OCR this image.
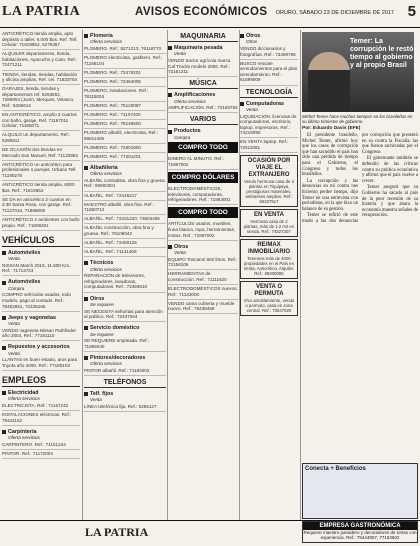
LA PATRIA	AVISOS ECONÓMICOS ORURO, SÁBADO 23 DE DICIEMBRE DE 2017 5
ANTICRÉTICO tienda amplia, apto depósito o taller, 6,000 $us. Ref. Telf. Celular: 71819852, 5276457
ALQUILER departamento, tienda, habitaciones, Ayacucho y Caro, Ref.: 72471211
TIENDA, tiendas, tiendas, habitación y oficina amplias, Ref. cel. 71833754
GARAJES, tienda, tiendas y departamentos ref. 5263552, 7266904 (Junín, Merques, Velasco, Ref.: 5265614
EN ANTICRÉTICO, amplio 3 cuartos con baño, garaje, Ref. 71167011 Celular: 71165071
ALQUILO un departamento, Ref.: 5280911
DE OCASIÓN dos tiendas en Mercado San Manuel, Ref. 71133982
ANTICRÉTICO un anticrético para profesionales o parejas. Urbano Telf. 71190276
ANTICRÉTICO tienda amplia, 6000 $us. Ref.: 71819852
SE DA en anticrético 2 cuartos en 3.30 Santa Rosa, con garaje. Ref.: 71127010, 71868808
ANTICRÉTICO 2 ambientes con baño propio. Ref.: 71808401
VEHÍCULOS
Automóviles
Venta
NISSAN March 2015, 11.500 Km. Ref.: 71713723
Automóviles
Compra
COMPRO vehículos usados, todo modelo, pago al contado. Ref.: 78462951, 72435166
Jeeps y vagonetas
Venta
VENDO vagoneta Nissan Pathfinder año 2004, Ref.: 77181110
Repuestos y accesorios
Venta
LLANTAS en buen estado, aros para Toyota año 2000. Ref.: 77180103
EMPLEOS
Electricidad
Oferta servicios
ELECTRICISTA. Ref.: 71167242
INSTALACIONES eléctricas. Ref.: 79441162
Carpintería
Oferta servicios
CARPINTERO. Ref.: 71151244
PINTOR. Ref.: 71172004
Plomería
Oferta servicios
PLOMERO. Ref.: 5271213, 76118770
PLOMERO electricista, gasfitero. Ref.: 71166104
PLOMERO. Ref.: 72479201
PLOMERO. Ref.: 72464005
PLOMERO, instalaciones. Ref.: 78115004
PLOMERO. Ref.: 75120087
PLOMERO. Ref.: 71107400
PLOMERO. Ref.: 78146600
PLOMERO albañil, electricista, Ref.: 69611405
PLOMERO. Ref.: 72601900
PLOMERO. Ref.: 77201201
Albañilería
Oferta servicios
ALBAÑIL contratista, obra fina y gruesa. Ref.: 69600301
ALBAÑIL. Ref.: 72445217
MAESTRO albañil, obra fina. Ref.: 71860712
ALBAÑIL. Ref.: 72431220, 73804406
ALBAÑIL construcción, obra fina y gruesa. Ref.: 76109042
ALBAÑIL. Ref.: 72450125
ALBAÑIL. Ref.: 71131409
Técnicos
Oferta servicios
REPARACIÓN de televisores, refrigeradores, lavadoras, computadoras. Ref.: 72459810
Otros
Se requiere
SE NECESITA señoritas para atención al público. Ref.: 72437044
Servicio doméstico
Se requiere
SE REQUIERE empleada. Ref.: 71865040
Pintores/decoradores
Oferta servicios
PINTOR albañil. Ref.: 71184002
TELÉFONOS
Telf. fijos
Venta
LÍNEA telefónica fija. Ref.: 5255127
MAQUINARIA
Maquinaria pesada
Venta
VENDO tractor agrícola marca Caf Trucks modelo 2006. Ref.: 72161311
MÚSICA
Amplificaciones
Oferta servicios
AMPLIFICACIÓN. Ref.: 72160764
VARIOS
Productos
Compra
COMPRO TODO
DINERO AL MINUTO. Ref.: 71867002
COMPRO DÓLARES
ELECTRODOMÉSTICOS, televisores, computadoras, refrigeradores. Ref.: 71863001
COMPRO TODO
ARTÍCULOS usados, muebles, línea blanca, ropa, herramientas, motos. Ref.: 71867002
Otros
Venta
EQUIPO Toscanni 800 litros. Ref.: 72156106
HERRAMIENTAS de construcción. Ref.: 71111620
ELECTRODOMÉSTICOS nuevos. Ref.: 71133000
VENDO cama cubierta y mueble nuevo. Ref.: 79438468
Otros
Otros
VENDO diccionarios y fotografías. Ref.: 73469796
BUSCO rescate arrendamientos para el plan arrendamiento. Ref.: 61599009
TECNOLOGÍA
Computadoras
Venta
LIQUIDACIÓN, licencias de computadoras, escritorio, laptop, impresoras. Ref.: 74219090
EN VENTA laptop. Ref.: 72511081
OCASIÓN POR VIAJE EL EXTRANJERO
Vendo hermosa casa de 2 plantas en Tiquipaya, prestigiosos materiales, ambientes amplios. Ref.: 65327517
EN VENTA
Hermosa casa de 2 plantas, más de 1.2 m2 en tienda. Ref.: 74527307
RE/MAX INMOBILIARIO
Tenemos más de 4000 propiedades en el País en Venta, Anticrético, Alquiler. Ref.: 68330006
VENTA O PERMUTA
Vivo amoblamiento, vendo o permuto, casa en zona central. Ref.: 72547020
Temer: La corrupción le restó tiempo al gobierno y al propio Brasil
Michel Temer hace muchos tiempos en los brasileños en su último trimestre de gobierno.
Por: Eduardo Davis (EFE)

El presidente brasileño, Michel Temer, afirmó hoy que los casos de corrupción que han sacudido el país han sido una pérdida de tiempo para el Gobierno, el Congreso y todos los brasileños.

La corrupción y las denuncias en mi contra nos hicieron perder tiempo, dijo Temer en una entrevista con periodistas, en la que hizo un balance de su gestión.

Temer se refirió de este modo a las dos denuncias por corrupción que presentó en su contra la Fiscalía, las que fueron archivadas por el Congreso.

El gobernante también se defendió de las críticas contra su política económica y afirmó que el país vuelve a crecer.

Temer aseguró que su Gobierno ha sacado al país de la peor recesión de su historia y que ahora la economía muestra señales de recuperación.

Conecta + Beneficios
LA PATRIA	EMPRESA GASTRONÓMICA
Requiere maestro panadero y decoradores de tortas con experiencia. Ref.: 75444907, 77153602
